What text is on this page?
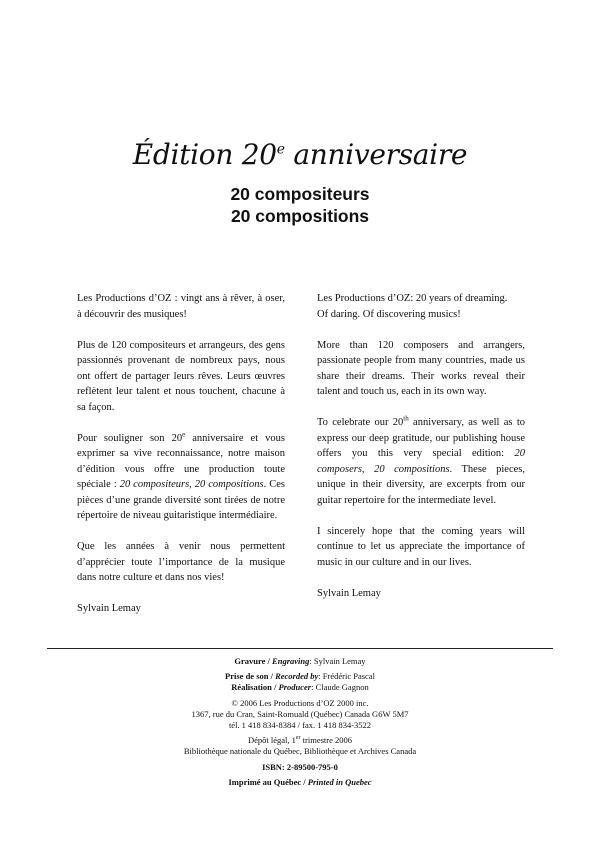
Édition 20e anniversaire
20 compositeurs
20 compositions

Les Productions d’OZ : vingt ans à rêver, à oser, à découvrir des musiques!

Plus de 120 compositeurs et arrangeurs, des gens passionnés provenant de nombreux pays, nous ont offert de partager leurs rêves. Leurs œuvres reflètent leur talent et nous touchent, chacune à sa façon.

Pour souligner son 20e anniversaire et vous exprimer sa vive reconnaissance, notre maison d’édition vous offre une production toute spéciale : 20 compositeurs, 20 compositions. Ces pièces d’une grande diversité sont tirées de notre répertoire de niveau guitaristique intermédiaire.

Que les années à venir nous permettent d’apprécier toute l’importance de la musique dans notre culture et dans nos vies!

Sylvain Lemay

Les Productions d’OZ: 20 years of dreaming.
Of daring. Of discovering musics!

More than 120 composers and arrangers, passionate people from many countries, made us share their dreams. Their works reveal their talent and touch us, each in its own way.

To celebrate our 20th anniversary, as well as to express our deep gratitude, our publishing house offers you this very special edition: 20 composers, 20 compositions. These pieces, unique in their diversity, are excerpts from our guitar repertoire for the intermediate level.

I sincerely hope that the coming years will continue to let us appreciate the importance of music in our culture and in our lives.

Sylvain Lemay

Gravure / Engraving: Sylvain Lemay
Prise de son / Recorded by: Frédéric Pascal
Réalisation / Producer: Claude Gagnon
© 2006 Les Productions d’OZ 2000 inc.
1367, rue du Cran, Saint-Romuald (Québec) Canada G6W 5M7
tél. 1 418 834-8384 / fax. 1 418 834-3522
Dépôt légal, 1er trimestre 2006
Bibliothèque nationale du Québec, Bibliothèque et Archives Canada
ISBN: 2-89500-795-0
Imprimé au Québec / Printed in Quebec
